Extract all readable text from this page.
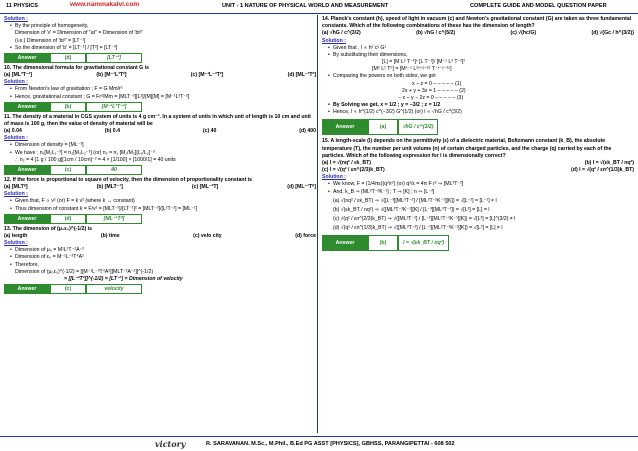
11 PHYSICS	www.nammakalvi.com	UNIT - 1 NATURE OF PHYSICAL WORLD AND MEASUREMENT	COMPLETE GUIDE AND MODEL QUESTION PAPER
Solution :
• By the principle of homogeneity,
Dimension of 'v' = Dimension of "at" = Dimension of 'bt²'
(i.e.) Dimension of 'bt²' = [LT⁻¹]
• So the dimension of 'b' = [LT⁻¹] / [T²] = [LT⁻³]
Answer	(d)	[LT⁻³]
10. The dimensional formula for gravitational constant G is
(a) [ML³T⁻²]	(b) [M⁻¹L³T²]	(c) [M⁻¹L⁻³T²]	(d) [ML⁻³T²]
Solution :
• From Newton's law of gravitation ; F = G Mm/r²
• Hence, gravitational constant ; G = Fr²/Mm = [MLT⁻²][L²]/[M][M] = [M⁻¹L³T⁻²]
Answer	(b)	[M⁻¹L³T⁻²]
11. The density of a material in CGS system of units is 4 g cm⁻³. In a system of units in which unit of length is 10 cm and unit of mass is 100 g, then the value of density of material will be
(a) 0.04	(b) 0.4	(c) 40	(d) 400
Solution :
• Dimension of density = [ML⁻³]
• We have ; n₁[M₁L₁⁻³] = n₂[M₂L₂⁻³] (or) n₂ = n₁ [M₁/M₂][L₁/L₂]⁻³
∴ n₂ = 4 [1 g / 100 g][1cm / 10cm]⁻³ = 4 × [1/100] × [1000/1] = 40 units
Answer	(c)	40
12. If the force is proportional to square of velocity, then the dimension of proportionality constant is
(a) [MLT⁰]	(b) [MLT⁻¹]	(c) [ML⁻²T]	(d) [ML⁻¹T⁰]
Solution :
• Given that, F ∝ v² (or) F = k v² (where k → constant)
• Thus dimension of constant k = F/v² = [MLT⁻²]/[LT⁻¹]² = [MLT⁻²]/[L²T⁻²] = [ML⁻¹]
Answer	(d)	[ML⁻¹T⁰]
13. The dimension of (μ₀ε₀)^(-1/2) is
(a) length	(b) time	(c) velo city	(d) force
Solution :
• Dimension of μ₀ = M¹L¹T⁻²A⁻²
• Dimension of ε₀ = M⁻¹L⁻³T⁴A²
• Therefore,
Dimension of (μ₀ε₀)^(-1/2) = [[M⁻¹L⁻³T⁴A²][MLT⁻²A⁻²]]^(-1/2)
= [[L⁻²T²]]^(-1/2) = [LT⁻¹] = Dimension of velocity
Answer	(c)	velocity
14. Planck's constant (h), speed of light in vacuum (c) and Newton's gravitational constant (G) are taken as three fundamental constants. Which of the following combinations of these has the dimension of length?
(a) √hG / c^(3/2)	(b) √hG / c^(5/2)	(c) √(hc/G)	(d) √(Gc / h^(3/2))
Solution :
• Given that , l ∝ hˣ cʸ Gᶻ
• By substituting their dimensions,
[L] = [M L² T⁻¹]ˣ [L T⁻¹]ʸ [M⁻¹ L³ T⁻²]ᶻ
[M⁰ L¹ T⁰] = [Mˣ⁻ᶻ L²ˣ⁺ʸ⁺³ᶻ T⁻ˣ⁻ʸ⁻²ᶻ]
• Comparing the powers on both sides, we get
x − z = 0 ‒ ‒ ‒ ‒ ‒ (1)
2x + y + 3z = 1 ‒ ‒ ‒ ‒ ‒ (2)
− x − y − 2z = 0 ‒ ‒ ‒ ‒ ‒ (3)
• By Solving we get, x = 1/2 ; y = −3/2 ; z = 1/2
• Hence, l ∝ h^(1/2) c^(−3/2) G^(1/2) (or) l ∝ √hG / c^(3/2)
Answer	(a)	√hG / c^(3/2)
15. A length-scale (l) depends on the permittivity (ε) of a dielectric material, Boltzmann constant (k_B), the absolute temperature (T), the number per unit volume (n) of certain charged particles, and the charge (q) carried by each of the particles. Which of the following expression for l is dimensionally correct?
(a) l = √(nq² / εk_BT)	(b) l = √(εk_BT / nq²)
(c) l = √(q² / εn^(2/3)k_BT)	(d) l = √(q² / εn^(1/3)k_BT)
Solution :
• We know, F = (1/4πε)(q²/r²) (or) q²/ε = 4π F r² ⇒ [ML³T⁻²]
• And, k_B ⇒ [ML²T⁻²K⁻¹] ; T ⇒ [K] ; n ⇒ [L⁻³]
(a) √(nq² / εk_BT) ⇒ √([L⁻³][ML³T⁻²] / [ML²T⁻²K⁻¹][K]) = √[L⁻²] = [L⁻¹] ≠ l
(b) √(εk_BT / nq²) ⇒ √([ML²T⁻²K⁻¹][K] / [L⁻³][ML³T⁻²]) = √[L²] = [L] = l
(c) √(q² / εn^(2/3)k_BT) ⇒ √([ML³T⁻²] / [L⁻²][ML²T⁻²K⁻¹][K]) = √[L³] = [L]^(3/2) ≠ l
(d) √(q² / εn^(1/3)k_BT) ⇒ √([ML³T⁻²] / [L⁻¹][ML²T⁻²K⁻¹][K]) = √[L²] = [L] ≠ l
Answer	(b)	l = √(εk_BT / nq²)
victory	R. SARAVANAN. M.Sc., M.Phil., B.Ed PG ASST [PHYSICS], GBHSS, PARANGIPETTAI - 608 502
